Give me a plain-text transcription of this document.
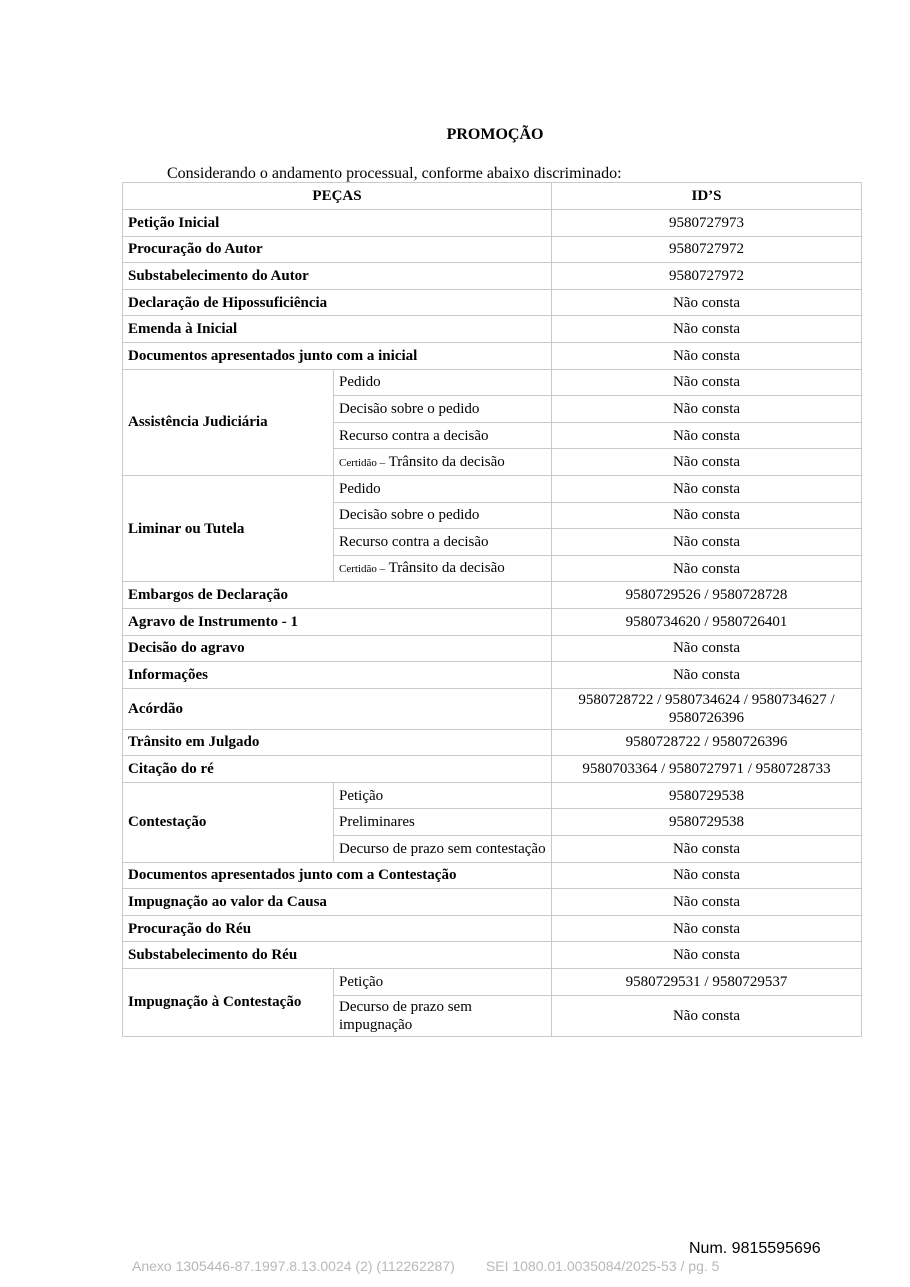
PROMOÇÃO
Considerando o andamento processual, conforme abaixo discriminado:
PEÇAS		ID’S
Petição Inicial		9580727973
Procuração do Autor		9580727972
Substabelecimento do Autor		9580727972
Declaração de Hipossuficiência		Não consta
Emenda à Inicial		Não consta
Documentos apresentados junto com a inicial		Não consta
Assistência Judiciária	Pedido	Não consta
	Decisão sobre o pedido	Não consta
	Recurso contra a decisão	Não consta
	Certidão – Trânsito da decisão	Não consta
Liminar ou Tutela	Pedido	Não consta
	Decisão sobre o pedido	Não consta
	Recurso contra a decisão	Não consta
	Certidão – Trânsito da decisão	Não consta
Embargos de Declaração		9580729526 / 9580728728
Agravo de Instrumento - 1		9580734620 / 9580726401
Decisão do agravo		Não consta
Informações		Não consta
Acórdão		9580728722 / 9580734624 / 9580734627 / 9580726396
Trânsito em Julgado		9580728722 / 9580726396
Citação do ré		9580703364 / 9580727971 / 9580728733
Contestação	Petição	9580729538
	Preliminares	9580729538
	Decurso de prazo sem contestação	Não consta
Documentos apresentados junto com a Contestação		Não consta
Impugnação ao valor da Causa		Não consta
Procuração do Réu		Não consta
Substabelecimento do Réu		Não consta
Impugnação à Contestação	Petição	9580729531 / 9580729537
	Decurso de prazo sem impugnação	Não consta
Num. 9815595696
Anexo 1305446-87.1997.8.13.0024 (2) (112262287)        SEI 1080.01.0035084/2025-53 / pg. 5
